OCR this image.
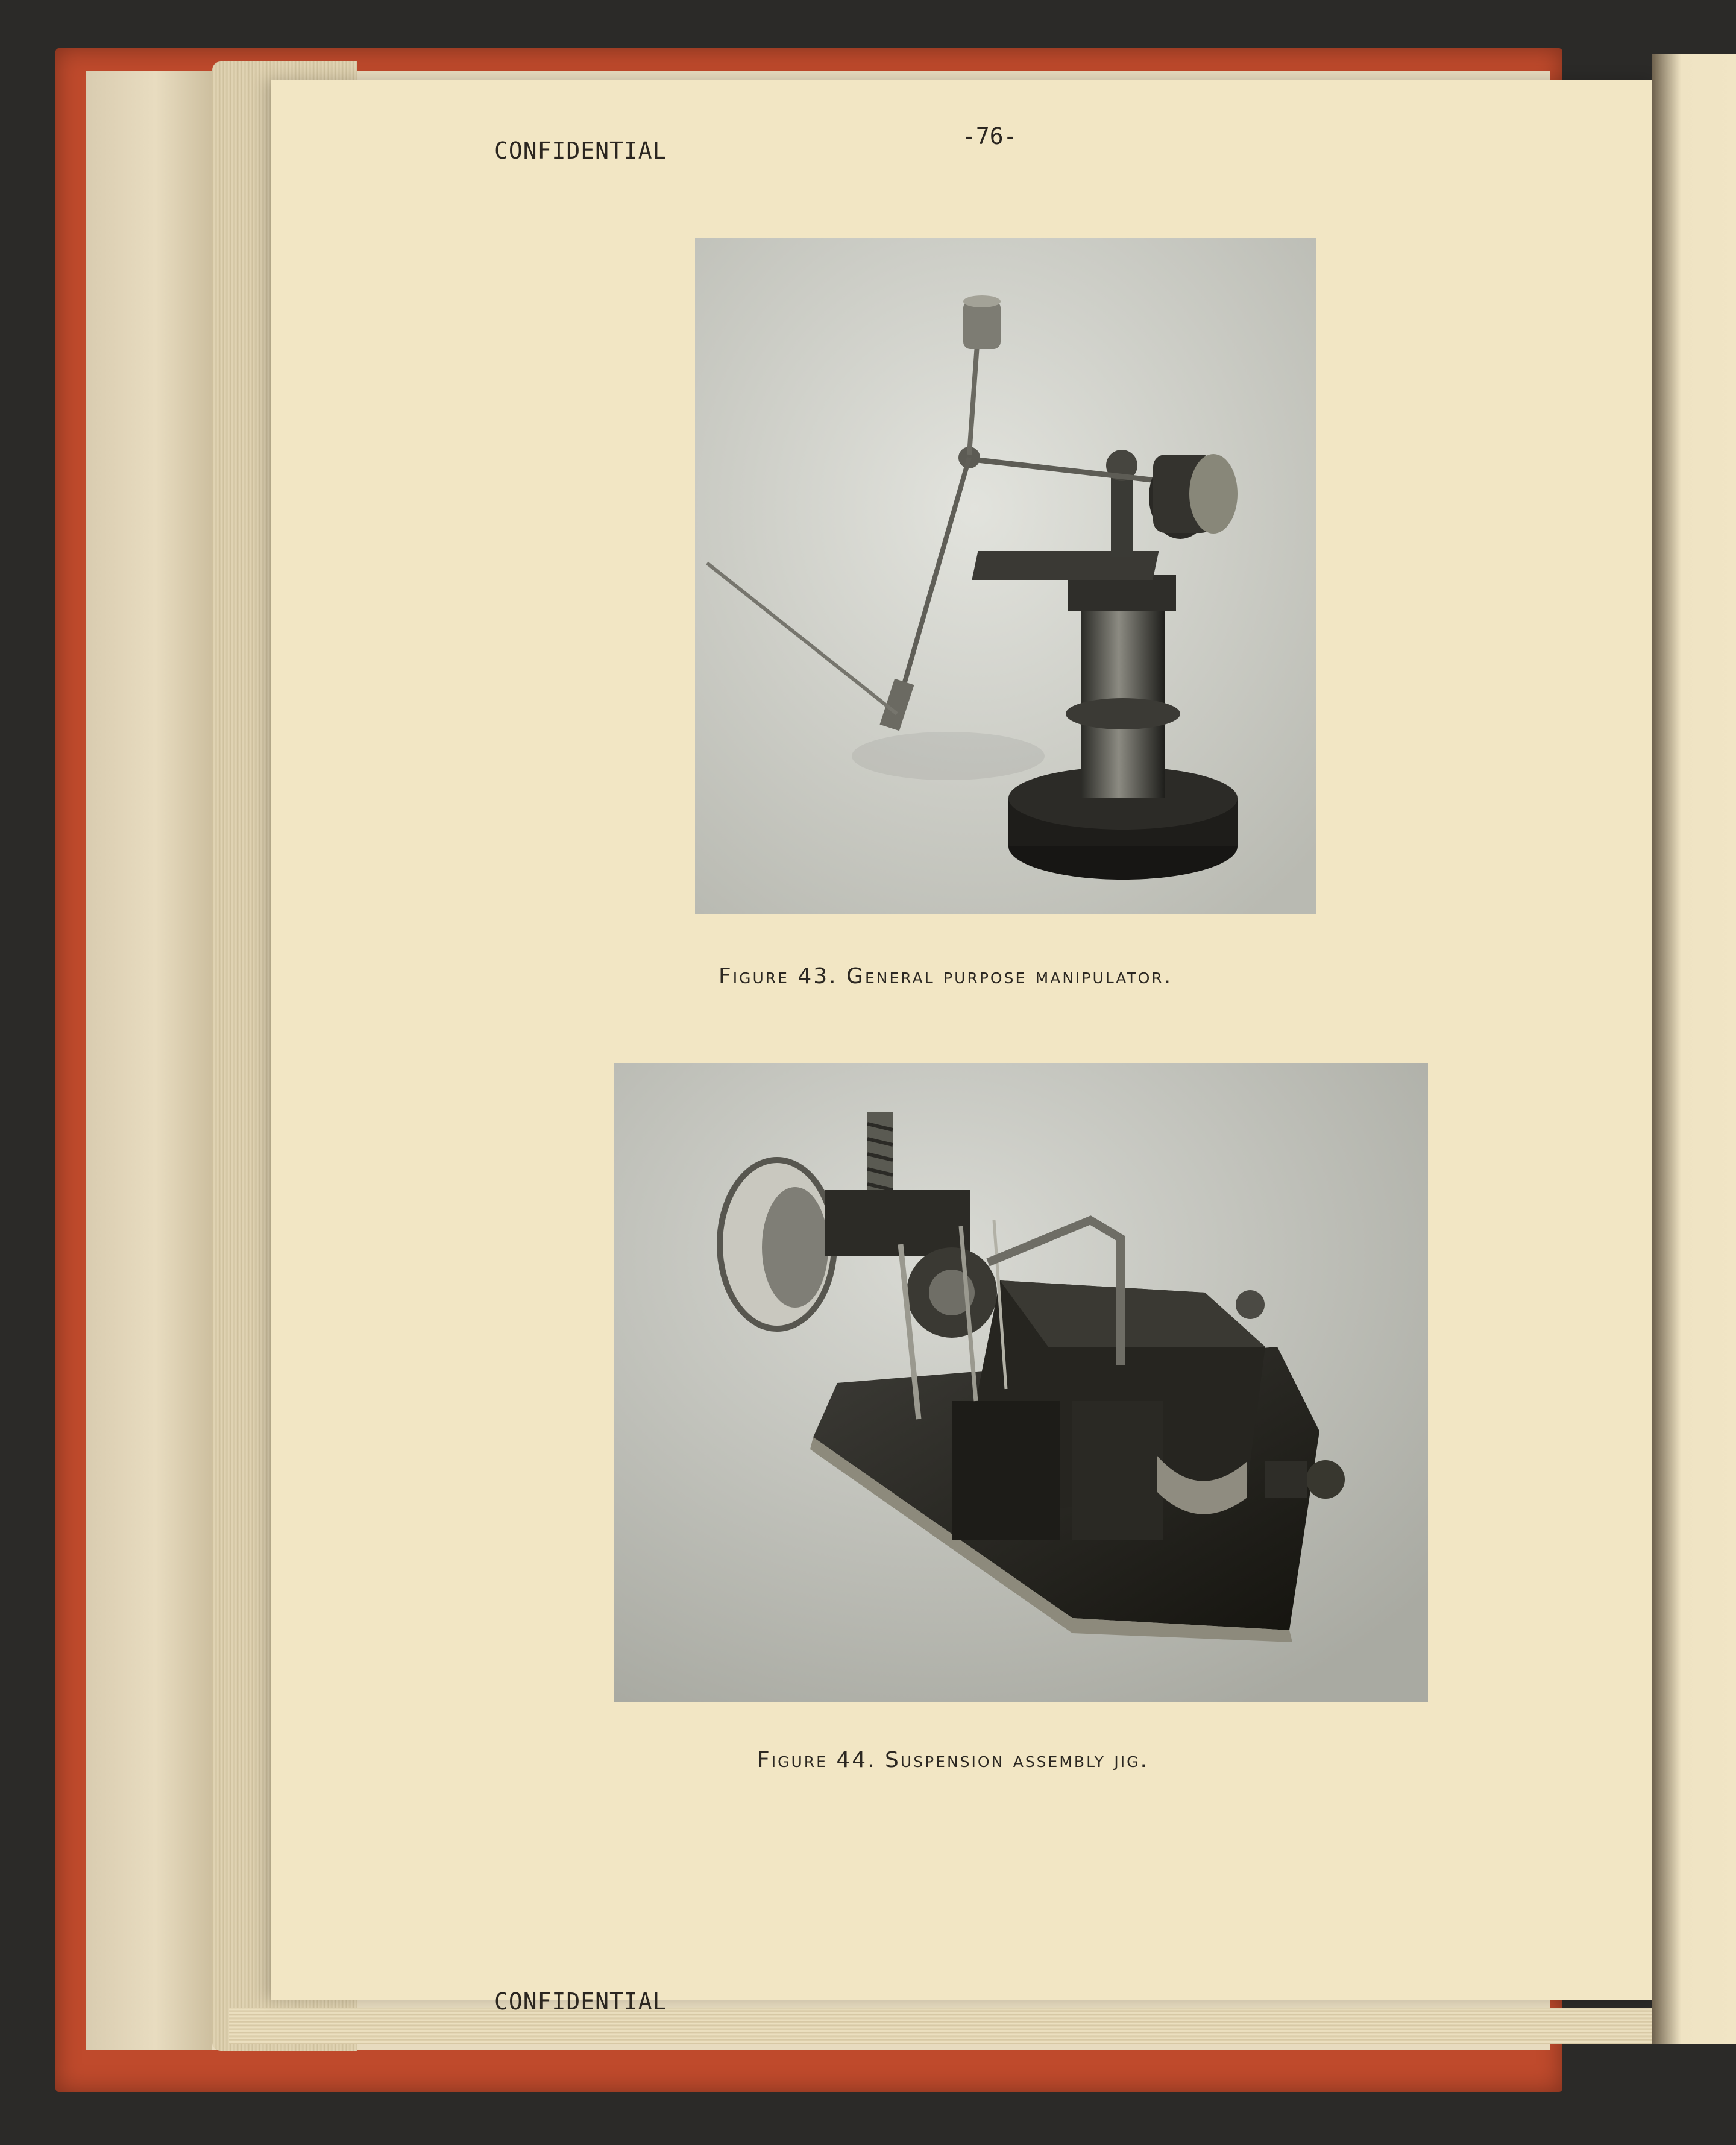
CONFIDENTIAL
-76-
Figure 43. General purpose manipulator.
Figure 44. Suspension assembly jig.
CONFIDENTIAL
